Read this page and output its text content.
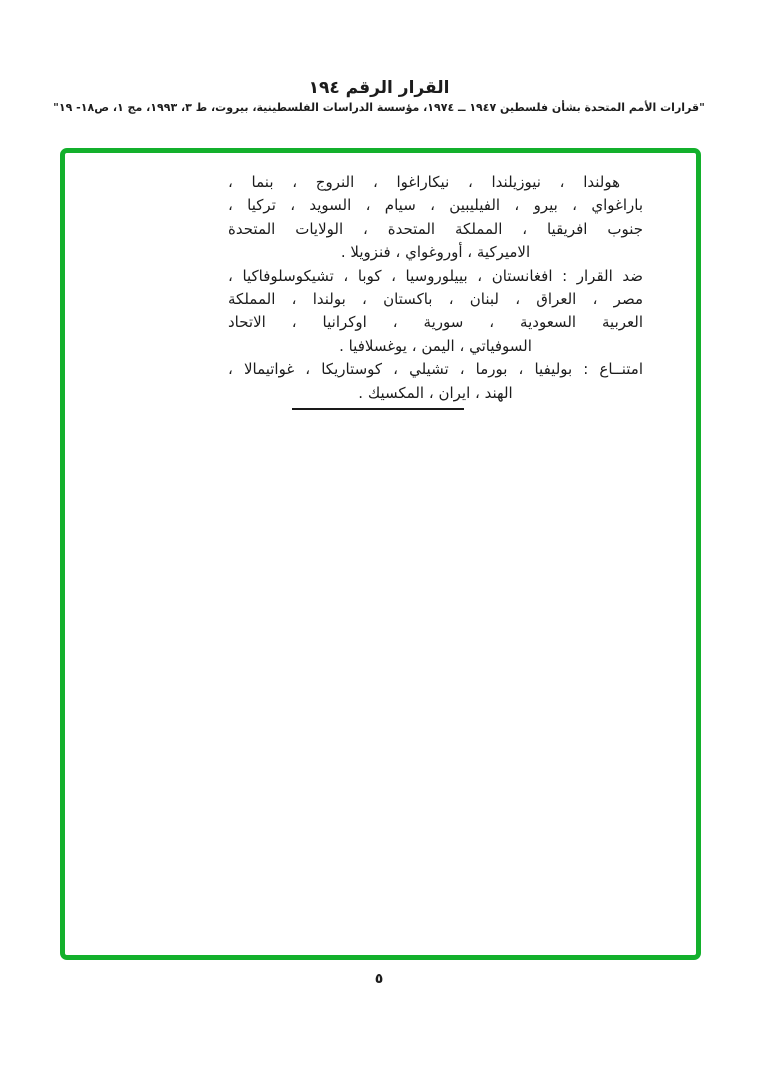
القرار الرقم ١٩٤
"قرارات الأمم المتحدة بشأن فلسطين ١٩٤٧ ــ ١٩٧٤، مؤسسة الدراسات الفلسطينية، بيروت، ط ٣، ١٩٩٣، مج ١، ص١٨- ١٩"
هولندا ، نيوزيلندا ، نيكاراغوا ، النروج ، بنما ،
باراغواي ، بيرو ، الفيليبين ، سيام ، السويد ، تركيا ،
جنوب افريقيا ، المملكة المتحدة ، الولايات المتحدة
الاميركية ، أوروغواي ، فنزويلا .
ضد القرار : افغانستان ، بييلوروسيا ، كوبا ، تشيكوسلوفاكيا ،
مصر ، العراق ، لبنان ، باكستان ، بولندا ، المملكة
العربية السعودية ، سورية ، اوكرانيا ، الاتحاد
السوفياتي ، اليمن ، يوغسلافيا .
امتنــاع : بوليفيا ، بورما ، تشيلي ، كوستاريكا ، غواتيمالا ،
الهند ، ايران ، المكسيك .
٥
